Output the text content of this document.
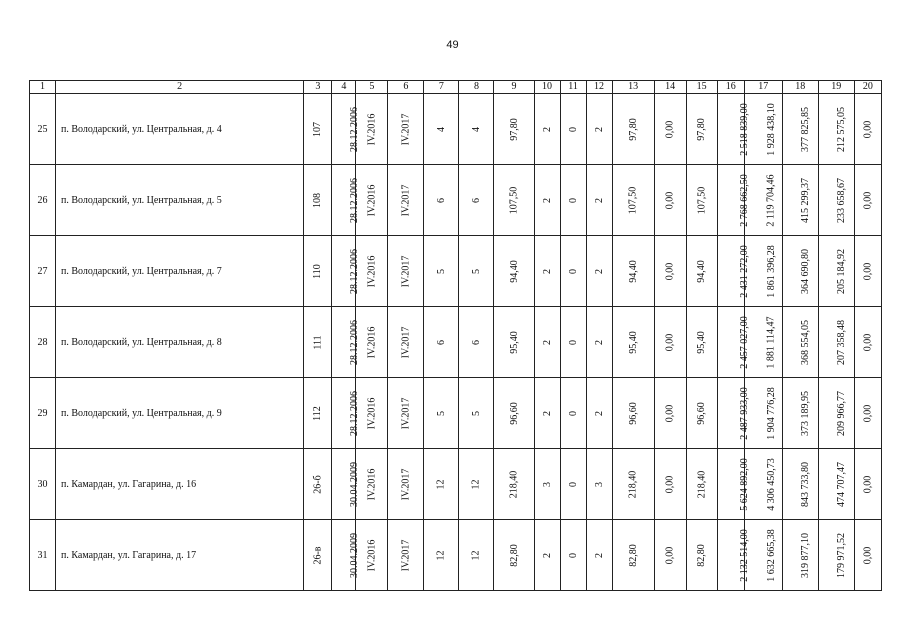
49
1	2	3	4	5	6	7	8	9	10	11	12	13	14	15	16	17	18	19	20
25	п. Володарский, ул. Центральная, д. 4	107	28.12.2006	IV.2016	IV.2017	4	4	97,80	2	0	2	97,80	0,00	97,80	2 518 839,00	1 928 438,10	377 825,85	212 575,05	0,00
26	п. Володарский, ул. Центральная, д. 5	108	28.12.2006	IV.2016	IV.2017	6	6	107,50	2	0	2	107,50	0,00	107,50	2 768 662,50	2 119 704,46	415 299,37	233 658,67	0,00
27	п. Володарский, ул. Центральная, д. 7	110	28.12.2006	IV.2016	IV.2017	5	5	94,40	2	0	2	94,40	0,00	94,40	2 431 272,00	1 861 396,28	364 690,80	205 184,92	0,00
28	п. Володарский, ул. Центральная, д. 8	111	28.12.2006	IV.2016	IV.2017	6	6	95,40	2	0	2	95,40	0,00	95,40	2 457 027,00	1 881 114,47	368 554,05	207 358,48	0,00
29	п. Володарский, ул. Центральная, д. 9	112	28.12.2006	IV.2016	IV.2017	5	5	96,60	2	0	2	96,60	0,00	96,60	2 487 933,00	1 904 776,28	373 189,95	209 966,77	0,00
30	п. Камардан, ул. Гагарина, д. 16	26-б	30.04.2009	IV.2016	IV.2017	12	12	218,40	3	0	3	218,40	0,00	218,40	5 624 892,00	4 306 450,73	843 733,80	474 707,47	0,00
31	п. Камардан, ул. Гагарина, д. 17	26-в	30.04.2009	IV.2016	IV.2017	12	12	82,80	2	0	2	82,80	0,00	82,80	2 132 514,00	1 632 665,38	319 877,10	179 971,52	0,00
